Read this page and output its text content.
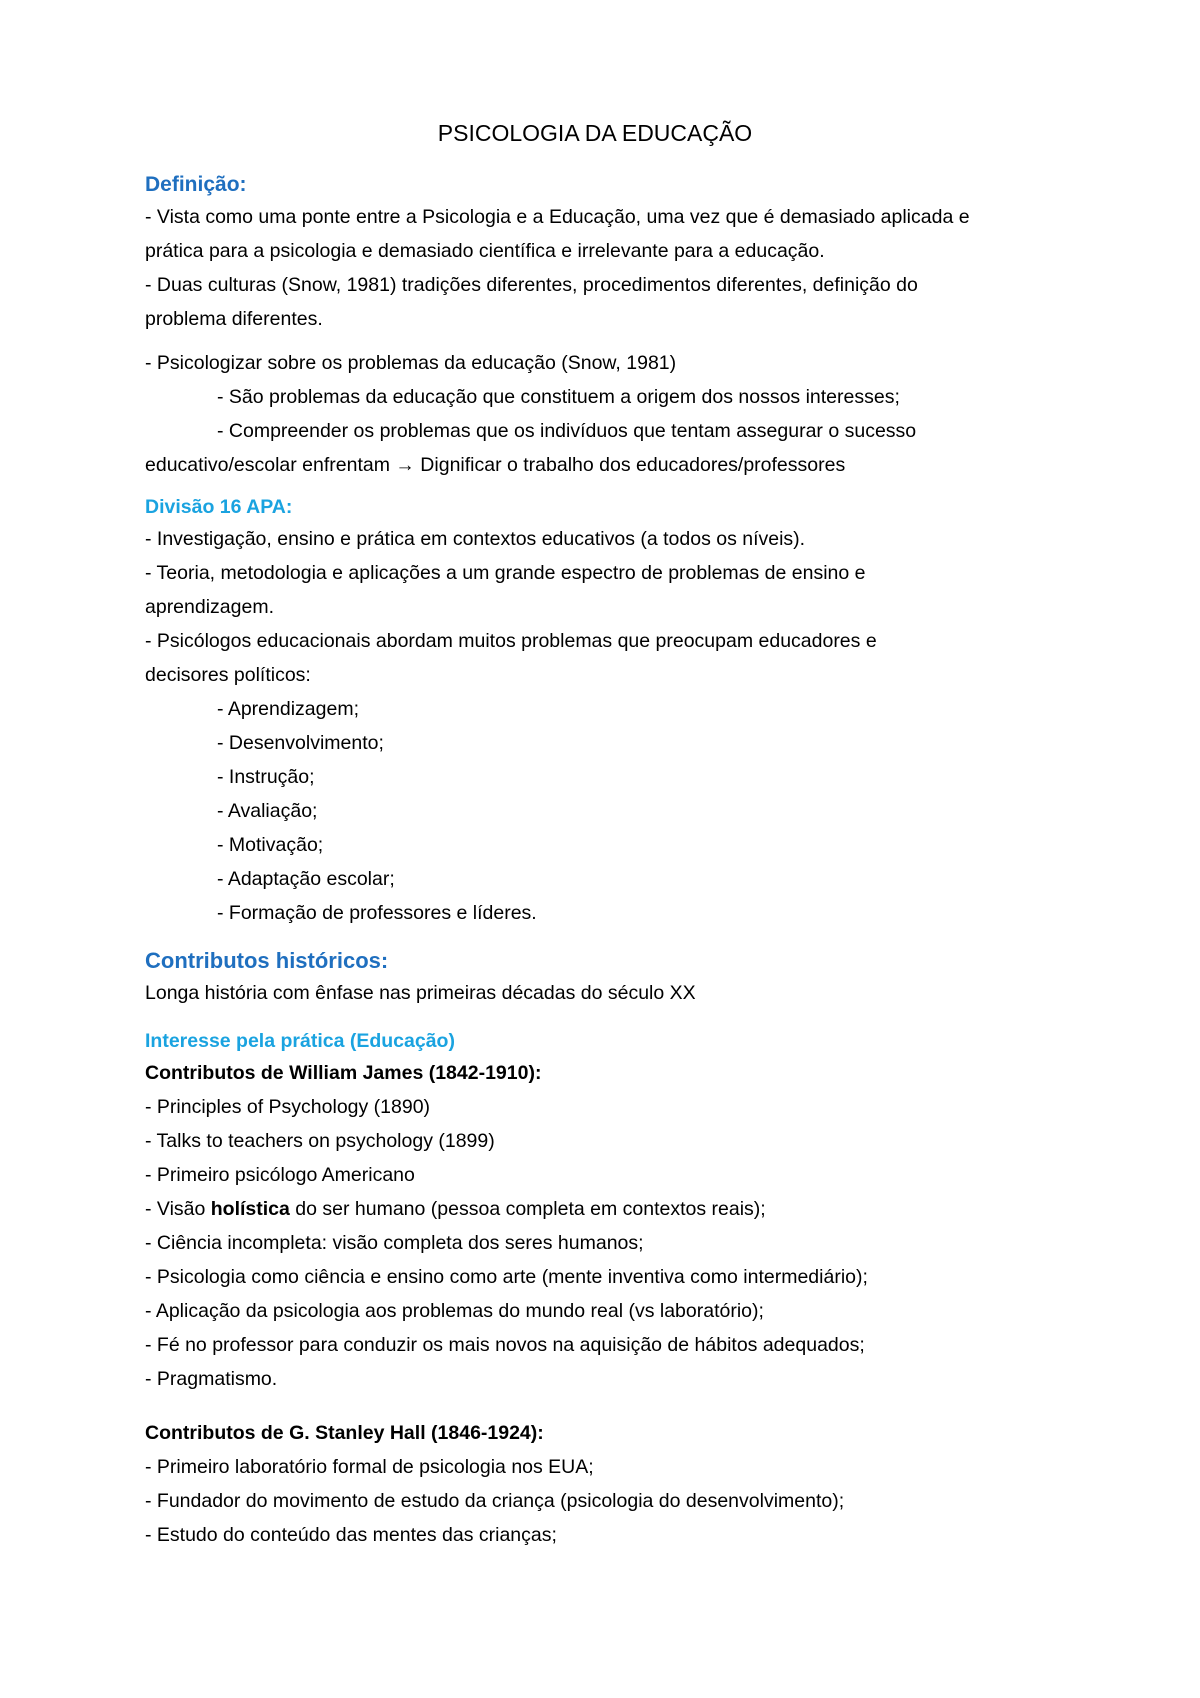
PSICOLOGIA DA EDUCAÇÃO

Definição:

- Vista como uma ponte entre a Psicologia e a Educação, uma vez que é demasiado aplicada e

prática para a psicologia e demasiado científica e irrelevante para a educação.

- Duas culturas (Snow, 1981) tradições diferentes, procedimentos diferentes, definição do

problema diferentes.

- Psicologizar sobre os problemas da educação (Snow, 1981)

- São problemas da educação que constituem a origem dos nossos interesses;

- Compreender os problemas que os indivíduos que tentam assegurar o sucesso

educativo/escolar enfrentam → Dignificar o trabalho dos educadores/professores

Divisão 16 APA:

- Investigação, ensino e prática em contextos educativos (a todos os níveis).

- Teoria, metodologia e aplicações a um grande espectro de problemas de ensino e

aprendizagem.

- Psicólogos educacionais abordam muitos problemas que preocupam educadores e

decisores políticos:

- Aprendizagem;

- Desenvolvimento;

- Instrução;

- Avaliação;

- Motivação;

- Adaptação escolar;

- Formação de professores e líderes.

Contributos históricos:

Longa história com ênfase nas primeiras décadas do século XX

Interesse pela prática (Educação)

Contributos de William James (1842-1910):

- Principles of Psychology (1890)

- Talks to teachers on psychology (1899)

- Primeiro psicólogo Americano

- Visão holística do ser humano (pessoa completa em contextos reais);

- Ciência incompleta: visão completa dos seres humanos;

- Psicologia como ciência e ensino como arte (mente inventiva como intermediário);

- Aplicação da psicologia aos problemas do mundo real (vs laboratório);

- Fé no professor para conduzir os mais novos na aquisição de hábitos adequados;

- Pragmatismo.

Contributos de G. Stanley Hall (1846-1924):

- Primeiro laboratório formal de psicologia nos EUA;

- Fundador do movimento de estudo da criança (psicologia do desenvolvimento);

- Estudo do conteúdo das mentes das crianças;
